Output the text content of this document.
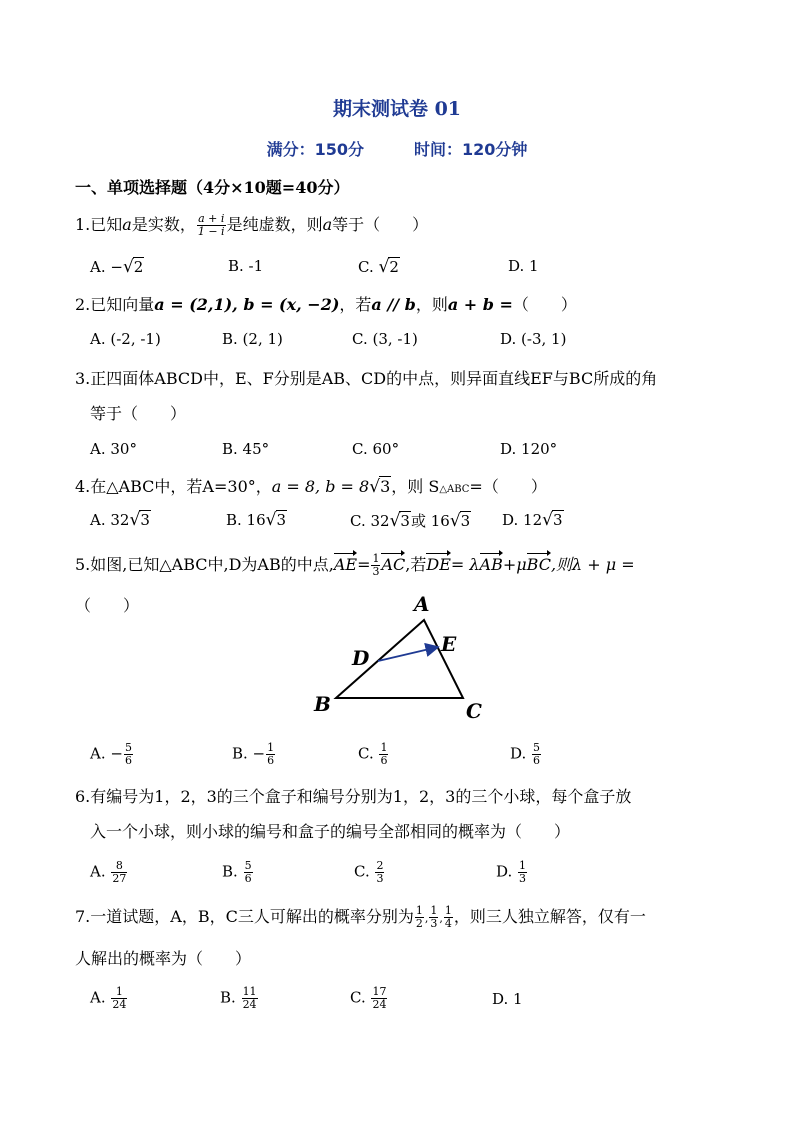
期末测试卷 01
满分：150分	时间：120分钟
一、单项选择题（4分×10题=40分）
1.已知a是实数， $\frac{a + i}{1 - i}$ 是纯虚数，则a等于（　　）
A. −√2	B. -1	C. √2	D. 1
2.已知向量a = (2,1), b = (x, −2)，若a // b，则a + b =（　　）
A. (-2, -1)	B. (2, 1)	C. (3, -1)	D. (-3, 1)
3.正四面体ABCD中，E、F分别是AB、CD的中点，则异面直线EF与BC所成的角
等于（　　）
A. 30°	B. 45°	C. 60°	D. 120°
4.在△ABC中，若A=30°，a = 8, b = 8√3，则 S△ABC=（　　）
A. 32√3	B. 16√3	C. 32√3或 16√3 D. 12√3
5.如图,已知△ABC中,D为AB的中点$,AE= \frac{1}{3}$ AC,若DE= λAB+μBC,则λ + μ =
（　　）	A
B	C
D
E
A. − $\frac{5}{6}$	B. − $\frac{1}{6}$	C. $\frac{1}{6}$	D. $\frac{5}{6}$
6.有编号为1，2，3的三个盒子和编号分别为1，2，3的三个小球，每个盒子放
入一个小球，则小球的编号和盒子的编号全部相同的概率为（　　）
A. $\frac{8}{27}$	B. $\frac{5}{6}$	C. $\frac{2}{3}$	D. $\frac{1}{3}$
7.一道试题，A，B，C三人可解出的概率分别为 $\frac{1}{2}$ , $\frac{1}{3}$ , $\frac{1}{4}$ ，则三人独立解答，仅有一
人解出的概率为（　　）
A. $\frac{1}{24}$	B. $\frac{11}{24}$	C. $\frac{17}{24}$	D. 1
